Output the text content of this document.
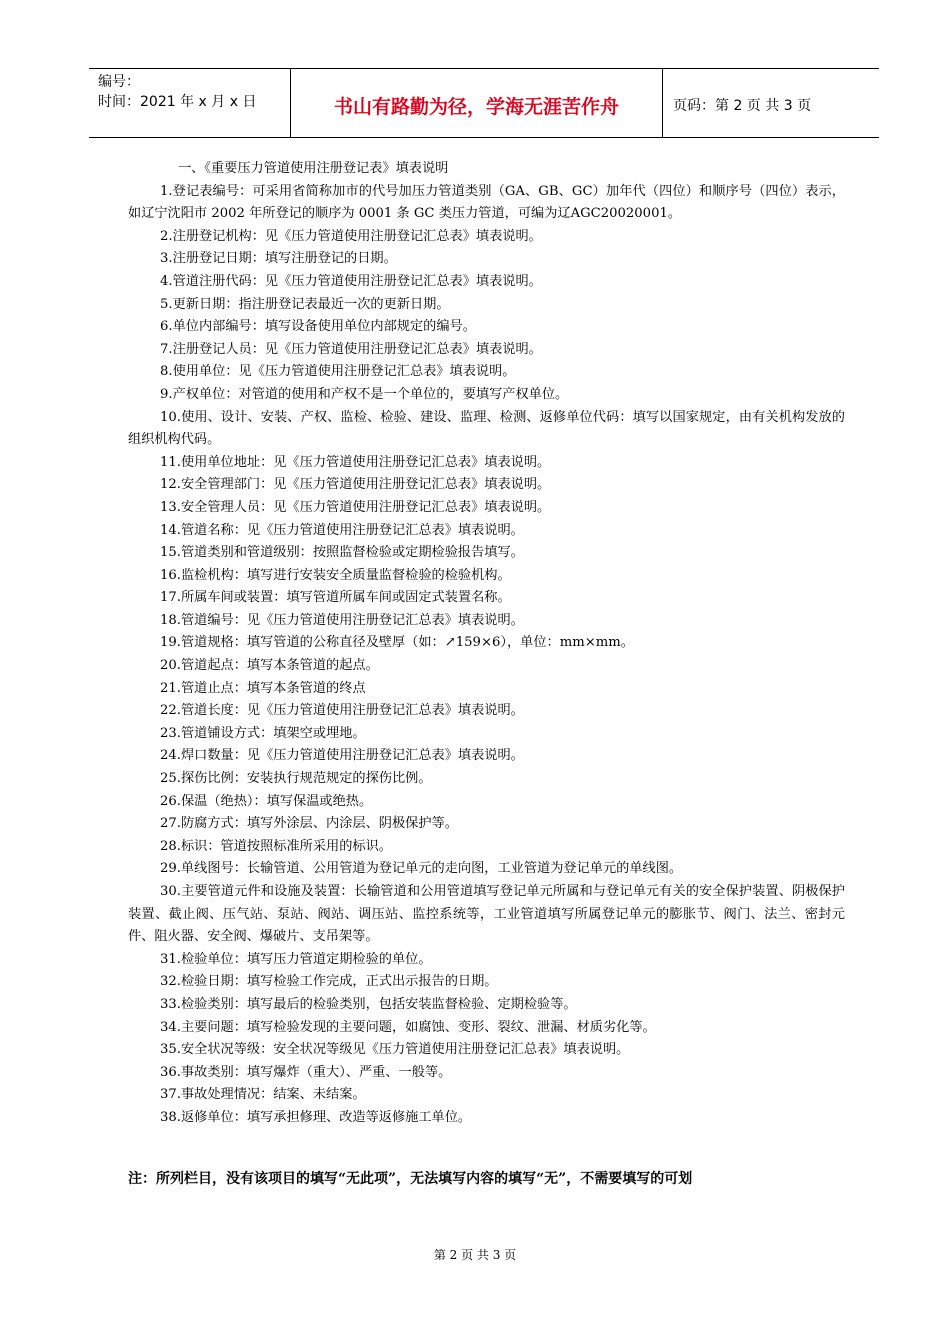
编号：
时间：2021 年 x 月 x 日	书山有路勤为径，学海无涯苦作舟	页码：第 2 页 共 3 页

一、《重要压力管道使用注册登记表》填表说明

1.登记表编号：可采用省简称加市的代号加压力管道类别（GA、GB、GC）加年代（四位）和顺序号（四位）表示，如辽宁沈阳市 2002 年所登记的顺序为 0001 条 GC 类压力管道，可编为辽AGC20020001。

2.注册登记机构：见《压力管道使用注册登记汇总表》填表说明。

3.注册登记日期：填写注册登记的日期。

4.管道注册代码：见《压力管道使用注册登记汇总表》填表说明。

5.更新日期：指注册登记表最近一次的更新日期。

6.单位内部编号：填写设备使用单位内部规定的编号。

7.注册登记人员：见《压力管道使用注册登记汇总表》填表说明。

8.使用单位：见《压力管道使用注册登记汇总表》填表说明。

9.产权单位：对管道的使用和产权不是一个单位的，要填写产权单位。

10.使用、设计、安装、产权、监检、检验、建设、监理、检测、返修单位代码：填写以国家规定，由有关机构发放的组织机构代码。

11.使用单位地址：见《压力管道使用注册登记汇总表》填表说明。

12.安全管理部门：见《压力管道使用注册登记汇总表》填表说明。

13.安全管理人员：见《压力管道使用注册登记汇总表》填表说明。

14.管道名称：见《压力管道使用注册登记汇总表》填表说明。

15.管道类别和管道级别：按照监督检验或定期检验报告填写。

16.监检机构：填写进行安装安全质量监督检验的检验机构。

17.所属车间或装置：填写管道所属车间或固定式装置名称。

18.管道编号：见《压力管道使用注册登记汇总表》填表说明。

19.管道规格：填写管道的公称直径及壁厚（如：↗159×6），单位：mm×mm。

20.管道起点：填写本条管道的起点。

21.管道止点：填写本条管道的终点

22.管道长度：见《压力管道使用注册登记汇总表》填表说明。

23.管道铺设方式：填架空或埋地。

24.焊口数量：见《压力管道使用注册登记汇总表》填表说明。

25.探伤比例：安装执行规范规定的探伤比例。

26.保温（绝热）：填写保温或绝热。

27.防腐方式：填写外涂层、内涂层、阴极保护等。

28.标识：管道按照标准所采用的标识。

29.单线图号：长输管道、公用管道为登记单元的走向图，工业管道为登记单元的单线图。

30.主要管道元件和设施及装置：长输管道和公用管道填写登记单元所属和与登记单元有关的安全保护装置、阴极保护装置、截止阀、压气站、泵站、阀站、调压站、监控系统等，工业管道填写所属登记单元的膨胀节、阀门、法兰、密封元件、阻火器、安全阀、爆破片、支吊架等。

31.检验单位：填写压力管道定期检验的单位。

32.检验日期：填写检验工作完成，正式出示报告的日期。

33.检验类别：填写最后的检验类别，包括安装监督检验、定期检验等。

34.主要问题：填写检验发现的主要问题，如腐蚀、变形、裂纹、泄漏、材质劣化等。

35.安全状况等级：安全状况等级见《压力管道使用注册登记汇总表》填表说明。

36.事故类别：填写爆炸（重大）、严重、一般等。

37.事故处理情况：结案、未结案。

38.返修单位：填写承担修理、改造等返修施工单位。

注：所列栏目，没有该项目的填写“无此项”，无法填写内容的填写“无”，不需要填写的可划
第 2 页 共 3 页
